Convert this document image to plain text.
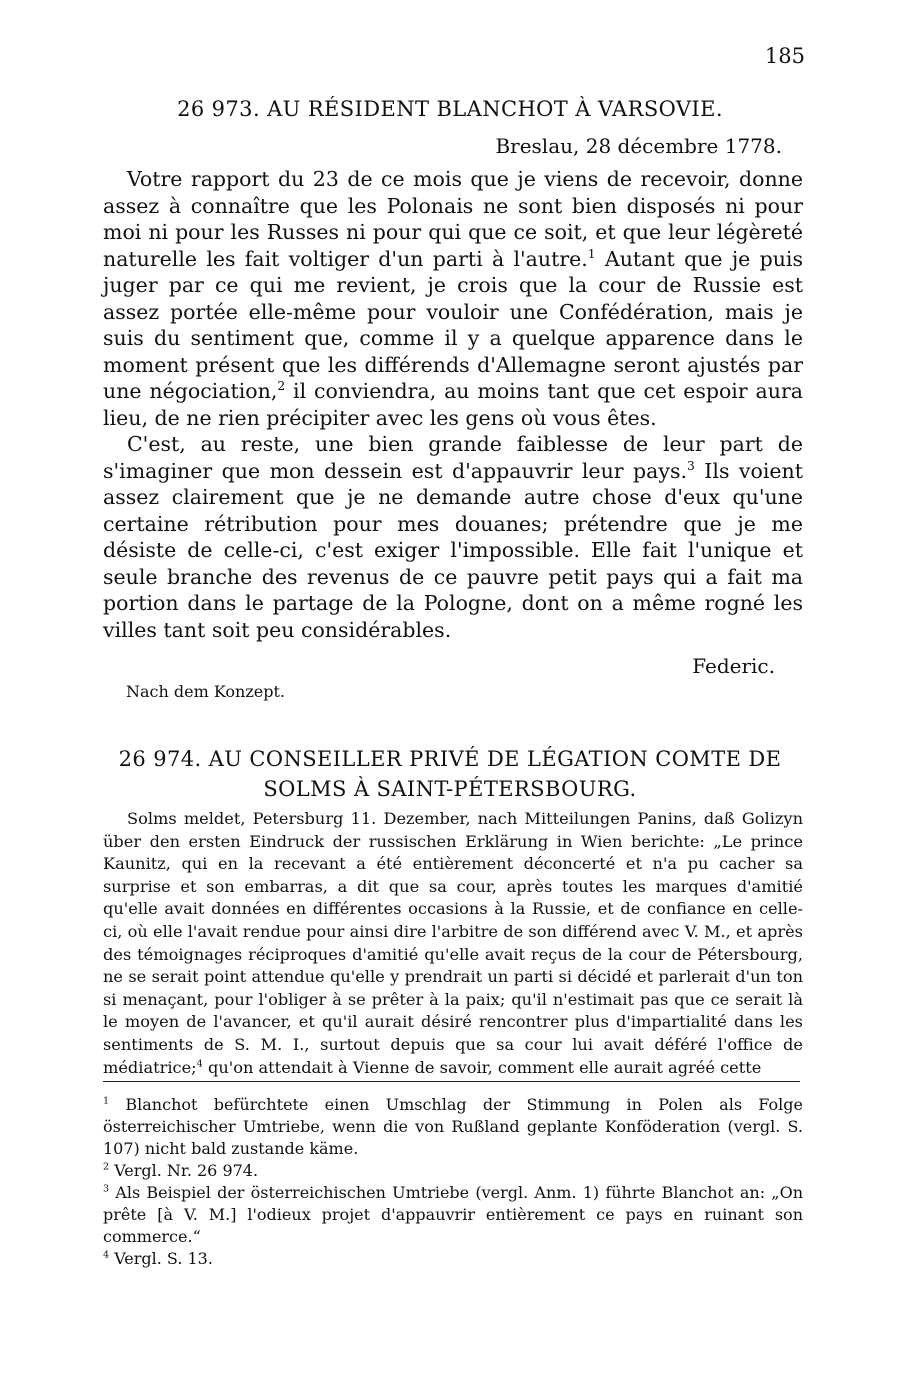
185
26 973. AU RÉSIDENT BLANCHOT À VARSOVIE.
Breslau, 28 décembre 1778.

Votre rapport du 23 de ce mois que je viens de recevoir, donne assez à connaître que les Polonais ne sont bien disposés ni pour moi ni pour les Russes ni pour qui que ce soit, et que leur légèreté naturelle les fait voltiger d'un parti à l'autre.$^1$ Autant que je puis juger par ce qui me revient, je crois que la cour de Russie est assez portée elle-même pour vouloir une Confédération, mais je suis du sentiment que, comme il y a quelque apparence dans le moment présent que les différends d'Allemagne seront ajustés par une négociation,$^2$ il conviendra, au moins tant que cet espoir aura lieu, de ne rien précipiter avec les gens où vous êtes.

C'est, au reste, une bien grande faiblesse de leur part de s'imaginer que mon dessein est d'appauvrir leur pays.$^3$ Ils voient assez clairement que je ne demande autre chose d'eux qu'une certaine rétribution pour mes douanes; prétendre que je me désiste de celle-ci, c'est exiger l'impossible. Elle fait l'unique et seule branche des revenus de ce pauvre petit pays qui a fait ma portion dans le partage de la Pologne, dont on a même rogné les villes tant soit peu considérables.

Federic.
Nach dem Konzept.
26 974. AU CONSEILLER PRIVÉ DE LÉGATION COMTE DE
SOLMS À SAINT-PÉTERSBOURG.

Solms meldet, Petersburg 11. Dezember, nach Mitteilungen Panins, daß Golizyn über den ersten Eindruck der russischen Erklärung in Wien berichte: „Le prince Kaunitz, qui en la recevant a été entièrement déconcerté et n'a pu cacher sa surprise et son embarras, a dit que sa cour, après toutes les marques d'amitié qu'elle avait données en différentes occasions à la Russie, et de confiance en celle-ci, où elle l'avait rendue pour ainsi dire l'arbitre de son différend avec V. M., et après des témoignages réciproques d'amitié qu'elle avait reçus de la cour de Pétersbourg, ne se serait point attendue qu'elle y prendrait un parti si décidé et parlerait d'un ton si menaçant, pour l'obliger à se prêter à la paix; qu'il n'estimait pas que ce serait là le moyen de l'avancer, et qu'il aurait désiré rencontrer plus d'impartialité dans les sentiments de S. M. I., surtout depuis que sa cour lui avait déféré l'office de médiatrice;$^4$ qu'on attendait à Vienne de savoir, comment elle aurait agréé cette

$^1$ Blanchot befürchtete einen Umschlag der Stimmung in Polen als Folge österreichischer Umtriebe, wenn die von Rußland geplante Konföderation (vergl. S. 107) nicht bald zustande käme.

$^2$ Vergl. Nr. 26 974.

$^3$ Als Beispiel der österreichischen Umtriebe (vergl. Anm. 1) führte Blanchot an: „On prête [à V. M.] l'odieux projet d'appauvrir entièrement ce pays en ruinant son commerce.“

$^4$ Vergl. S. 13.
